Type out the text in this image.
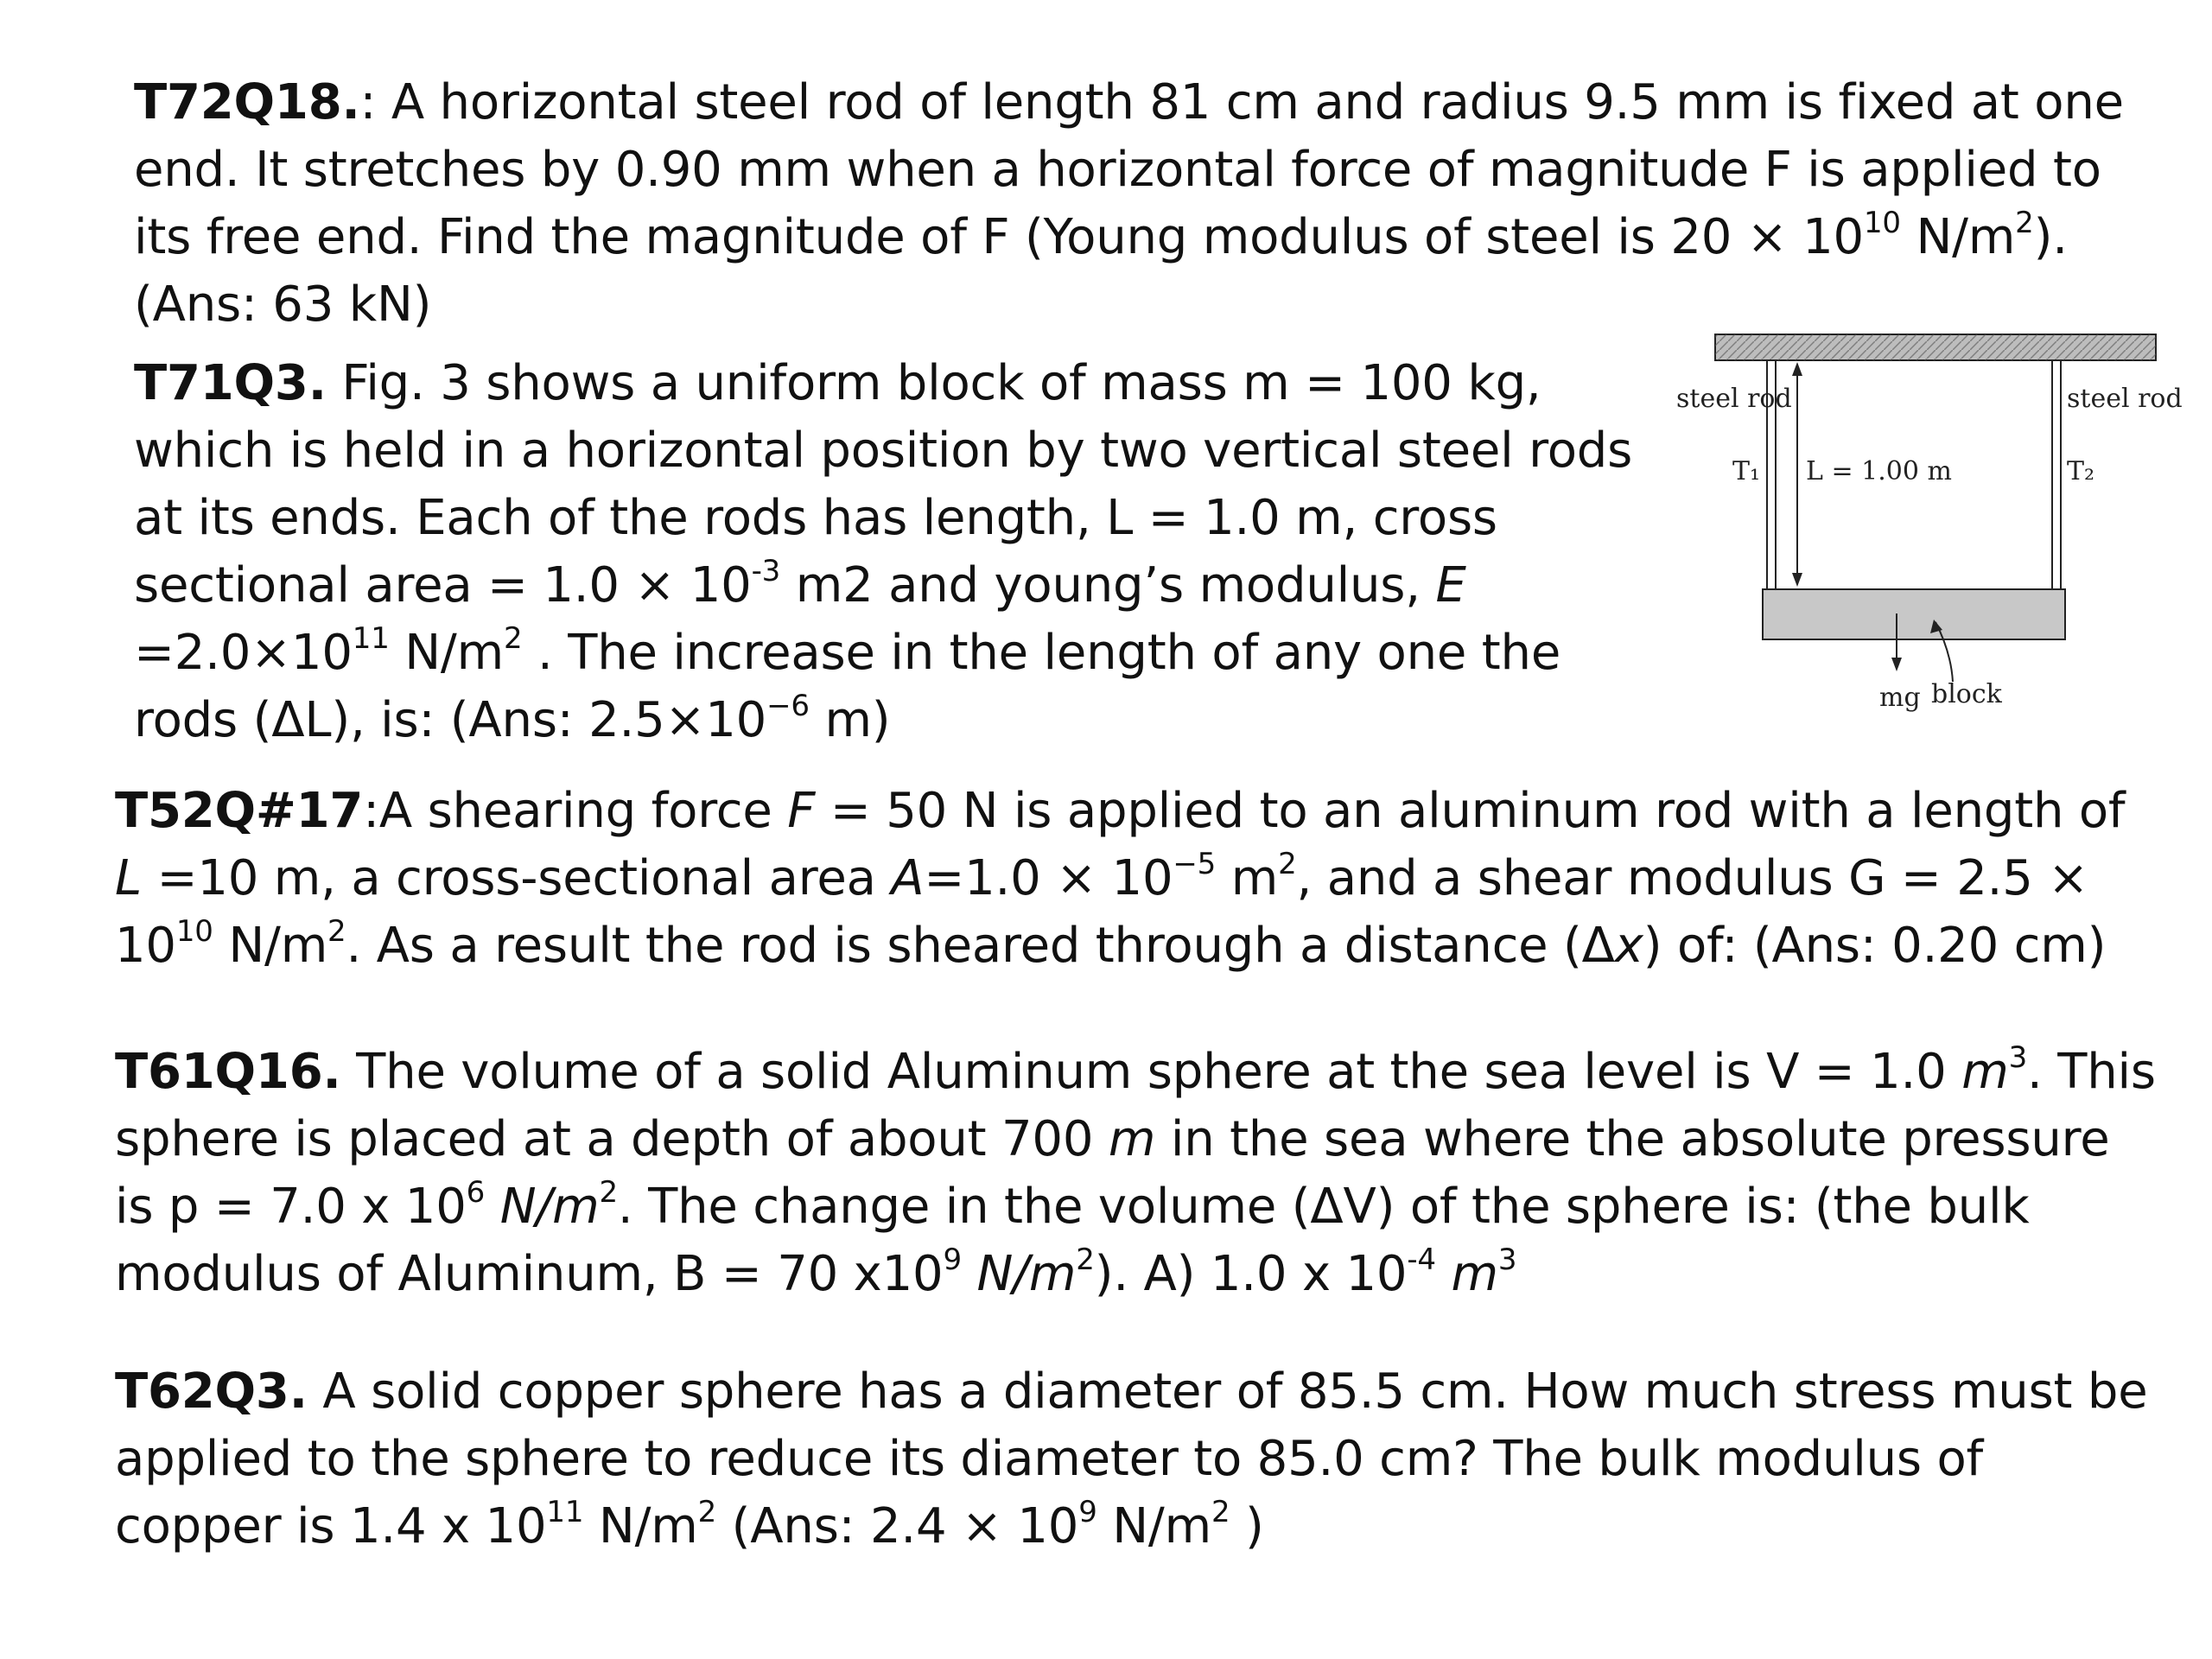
T72Q18.: A horizontal steel rod of length 81 cm and radius 9.5 mm is fixed at one end. It stretches by 0.90 mm when a horizontal force of magnitude F is applied to its free end. Find the magnitude of F (Young modulus of steel is $20 \times 10^{10}$ $N/m^2$). (Ans: 63 kN)
T71Q3. Fig. 3 shows a uniform block of mass m = 100 kg, which is held in a horizontal position by two vertical steel rods at its ends. Each of the rods has length, L = 1.0 m, cross sectional area = $1.0 \times 10^{-3}$ m2 and young’s modulus, $E =2.0\times 10^{11}$ $N/m^2$ . The increase in the length of any one the rods (ΔL), is: (Ans: $2.5\times 10^{-6}$ m)
steel rod	steel rod
T₁	T₂
L = 1.00 m
mg block
T52Q#17:A shearing force F = 50 N is applied to an aluminum rod with a length of L =10 m, a cross-sectional area $A=1.0 \times 10^{-5}$ $m^2$, and a shear modulus $G = 2.5 \times 10^{10}$ $N/m^2$. As a result the rod is sheared through a distance (Δx) of: (Ans: 0.20 cm)
T61Q16. The volume of a solid Aluminum sphere at the sea level is V = 1.0 $m^3$. This sphere is placed at a depth of about 700 m in the sea where the absolute pressure is p = 7.0 x $10^6$ $N/m^2$. The change in the volume (ΔV) of the sphere is: (the bulk modulus of Aluminum, B = 70 $x10^9$ $N/m^2$). A) 1.0 x $10^{-4}$ $m^3$
T62Q3. A solid copper sphere has a diameter of 85.5 cm. How much stress must be applied to the sphere to reduce its diameter to 85.0 cm? The bulk modulus of copper is 1.4 x $10^{11}$ $N/m^2$ (Ans: $2.4 \times 10^9$ $N/m^2$ )
